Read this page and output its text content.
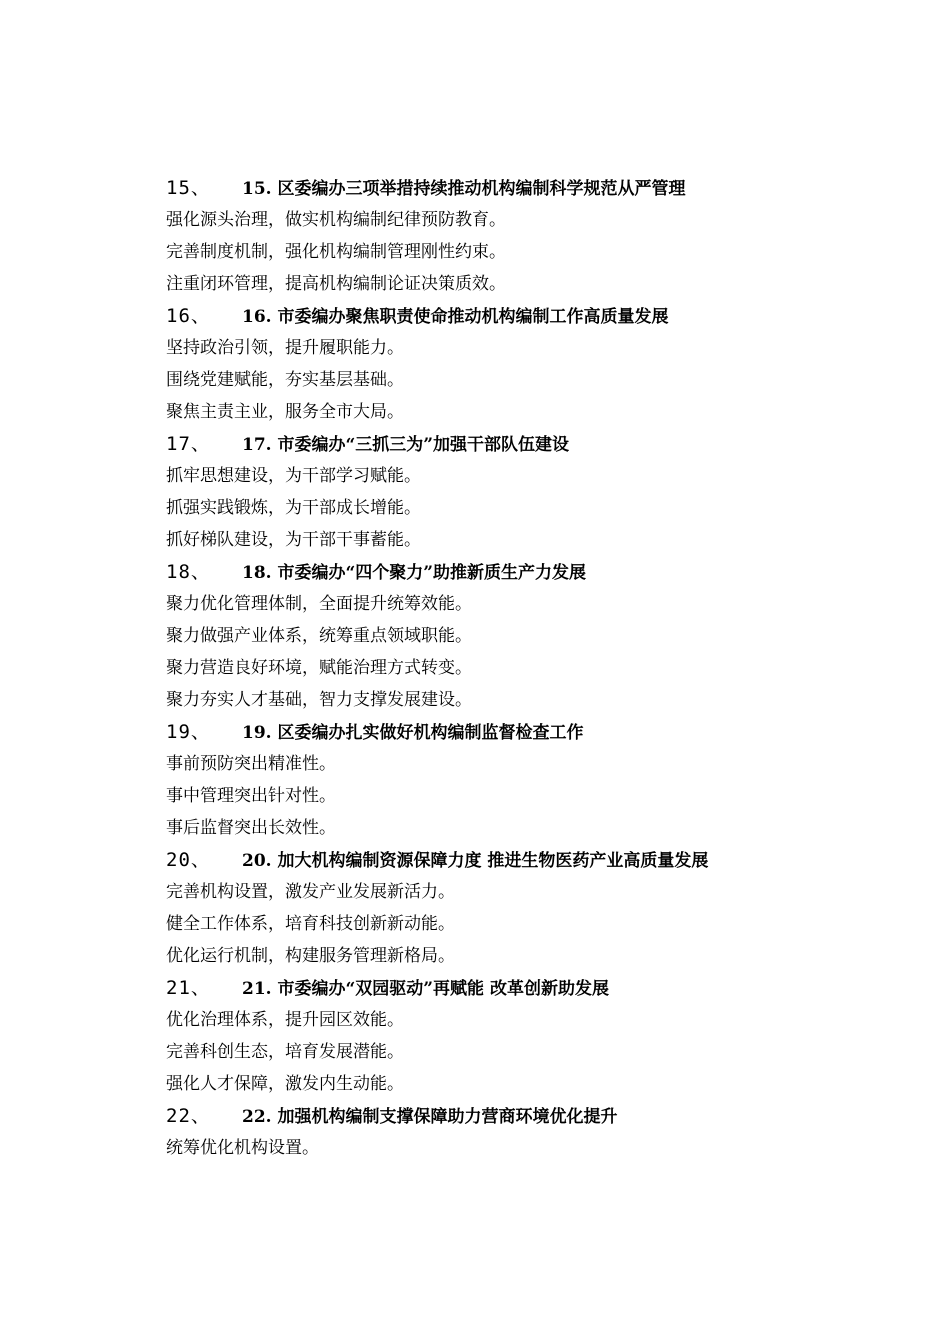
15、	15. 区委编办三项举措持续推动机构编制科学规范从严管理
强化源头治理，做实机构编制纪律预防教育。
完善制度机制，强化机构编制管理刚性约束。
注重闭环管理，提高机构编制论证决策质效。
16、	16. 市委编办聚焦职责使命推动机构编制工作高质量发展
坚持政治引领，提升履职能力。
围绕党建赋能，夯实基层基础。
聚焦主责主业，服务全市大局。
17、	17. 市委编办“三抓三为”加强干部队伍建设
抓牢思想建设，为干部学习赋能。
抓强实践锻炼，为干部成长增能。
抓好梯队建设，为干部干事蓄能。
18、	18. 市委编办“四个聚力”助推新质生产力发展
聚力优化管理体制，全面提升统筹效能。
聚力做强产业体系，统筹重点领域职能。
聚力营造良好环境，赋能治理方式转变。
聚力夯实人才基础，智力支撑发展建设。
19、	19. 区委编办扎实做好机构编制监督检查工作
事前预防突出精准性。
事中管理突出针对性。
事后监督突出长效性。
20、	20. 加大机构编制资源保障力度 推进生物医药产业高质量发展
完善机构设置，激发产业发展新活力。
健全工作体系，培育科技创新新动能。
优化运行机制，构建服务管理新格局。
21、	21. 市委编办“双园驱动”再赋能 改革创新助发展
优化治理体系，提升园区效能。
完善科创生态，培育发展潜能。
强化人才保障，激发内生动能。
22、	22. 加强机构编制支撑保障助力营商环境优化提升
统筹优化机构设置。
